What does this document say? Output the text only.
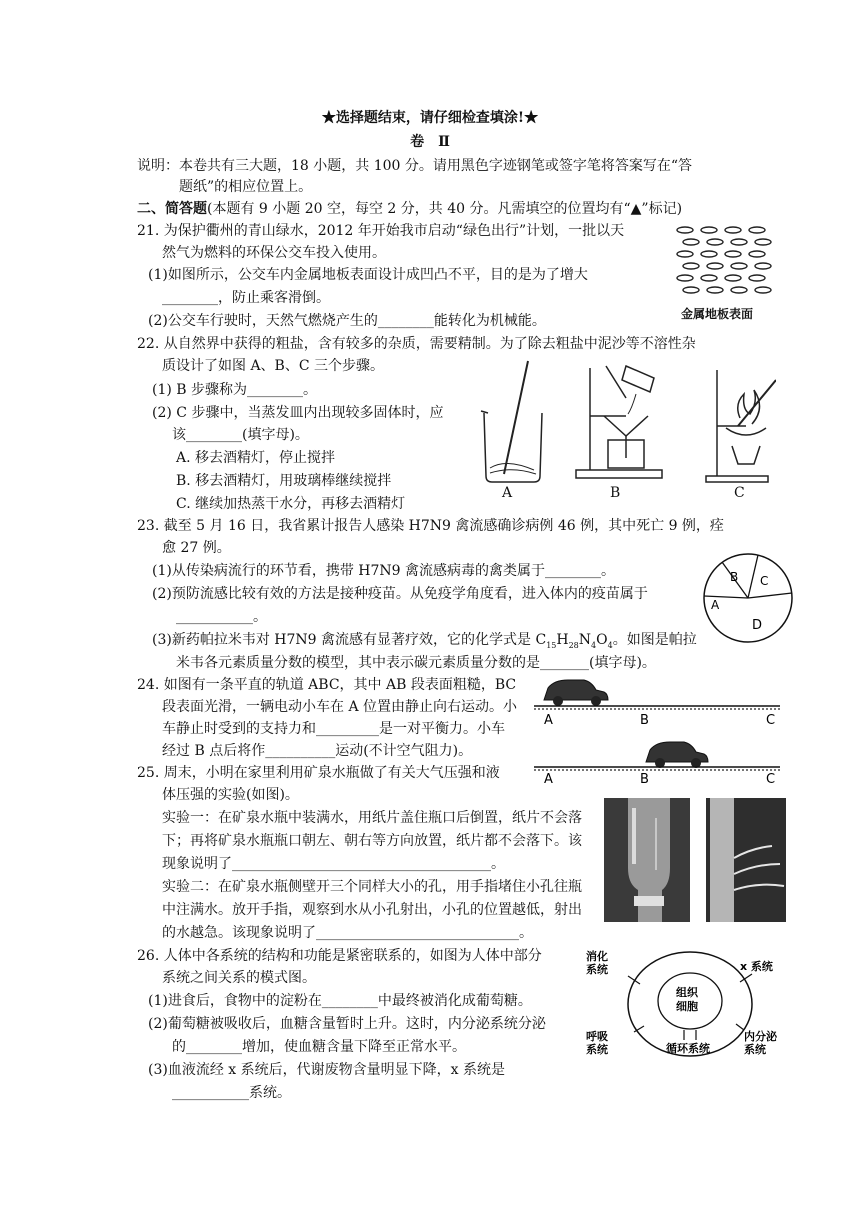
★选择题结束，请仔细检查填涂!★
卷　Ⅱ
说明：本卷共有三大题，18 小题，共 100 分。请用黑色字迹钢笔或签字笔将答案写在“答
题纸”的相应位置上。
二、简答题(本题有 9 小题 20 空，每空 2 分，共 40 分。凡需填空的位置均有“▲”标记)
21. 为保护衢州的青山绿水，2012 年开始我市启动“绿色出行”计划，一批以天
然气为燃料的环保公交车投入使用。
(1)如图所示，公交车内金属地板表面设计成凹凸不平，目的是为了增大
________，防止乘客滑倒。
(2)公交车行驶时，天然气燃烧产生的________能转化为机械能。	金属地板表面
22. 从自然界中获得的粗盐，含有较多的杂质，需要精制。为了除去粗盐中泥沙等不溶性杂
质设计了如图 A、B、C 三个步骤。
(1) B 步骤称为________。
(2) C 步骤中，当蒸发皿内出现较多固体时，应
该________(填字母)。
A. 移去酒精灯，停止搅拌
B. 移去酒精灯，用玻璃棒继续搅拌
C. 继续加热蒸干水分，再移去酒精灯
A	B	C
23. 截至 5 月 16 日，我省累计报告人感染 H7N9 禽流感确诊病例 46 例，其中死亡 9 例，痊
愈 27 例。
(1)从传染病流行的环节看，携带 H7N9 禽流感病毒的禽类属于________。
(2)预防流感比较有效的方法是接种疫苗。从免疫学角度看，进入体内的疫苗属于
___________。
(3)新药帕拉米韦对 H7N9 禽流感有显著疗效，它的化学式是 $C_{15}H_{28}N_4O_4$。如图是帕拉
米韦各元素质量分数的模型，其中表示碳元素质量分数的是_______(填字母)。
A
B C
D
24. 如图有一条平直的轨道 ABC，其中 AB 段表面粗糙，BC
段表面光滑，一辆电动小车在 A 位置由静止向右运动。小
车静止时受到的支持力和_________是一对平衡力。小车
经过 B 点后将作__________运动(不计空气阻力)。
A	B	C
A	B	C
25. 周末，小明在家里利用矿泉水瓶做了有关大气压强和液
体压强的实验(如图)。
实验一：在矿泉水瓶中装满水，用纸片盖住瓶口后倒置，纸片不会落
下；再将矿泉水瓶瓶口朝左、朝右等方向放置，纸片都不会落下。该
现象说明了_____________________________________。
实验二：在矿泉水瓶侧壁开三个同样大小的孔，用手指堵住小孔往瓶
中注满水。放开手指，观察到水从小孔射出，小孔的位置越低，射出
的水越急。该现象说明了_____________________________。
26. 人体中各系统的结构和功能是紧密联系的，如图为人体中部分
系统之间关系的模式图。
(1)进食后，食物中的淀粉在________中最终被消化成葡萄糖。
(2)葡萄糖被吸收后，血糖含量暂时上升。这时，内分泌系统分泌
的________增加，使血糖含量下降至正常水平。
(3)血液流经 x 系统后，代谢废物含量明显下降，x 系统是
___________系统。
消化
系统	x 系统
组织
细胞
呼吸
系统
内分泌
系统
循环系统
